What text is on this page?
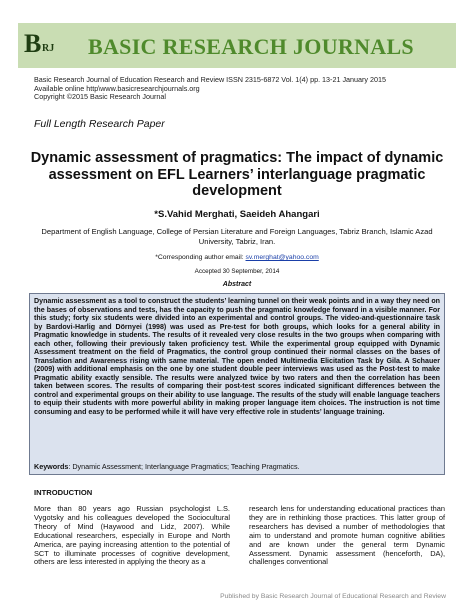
B RJ BASIC RESEARCH JOURNALS
Basic Research Journal of Education Research and Review ISSN 2315-6872 Vol. 1(4) pp. 13-21 January 2015
Available online http\www.basicresearchjournals.org
Copyright ©2015 Basic Research Journal
Full Length Research Paper
Dynamic assessment of pragmatics: The impact of dynamic assessment on EFL Learners’ interlanguage pragmatic development
*S.Vahid Merghati, Saeideh Ahangari
Department of English Language, College of Persian Literature and Foreign Languages, Tabriz Branch, Islamic Azad University, Tabriz, Iran.
*Corresponding author email: sv.merghat@yahoo.com
Accepted 30 September, 2014
Abstract
Dynamic assessment as a tool to construct the students’ learning tunnel on their weak points and in a way they need on the bases of observations and tests, has the capacity to push the pragmatic knowledge forward in a visible manner. For this study; forty six students were divided into an experimental and control groups. The video-and-questionnaire task by Bardovi-Harlig and Dörnyei (1998) was used as Pre-test for both groups, which looks for a general ability in Pragmatic knowledge in students. The results of it revealed very close results in the two groups when comparing with each other, following their previously taken proficiency test. While the experimental group equipped with Dynamic Assessment treatment on the field of Pragmatics, the control group continued their normal classes on the bases of Translation and Awareness rising with same material. The open ended Multimedia Elicitation Task by Gila. A Schauer (2009) with additional emphasis on the one by one student double peer interviews was used as the Post-test to make Pragmatic ability exactly sensible. The results were analyzed twice by two raters and then the correlation has been taken between scores. The results of comparing their post-test scores indicated significant differences between the control and experimental groups on their ability to use language. The results of the study will enable language teachers to equip their students with more powerful ability in making proper language item choices. The instruction is not time consuming and easy to be performed while it will have very effective role in students’ language training.
Keywords: Dynamic Assessment; Interlanguage Pragmatics; Teaching Pragmatics.
INTRODUCTION
More than 80 years ago Russian psychologist L.S. Vygotsky and his colleagues developed the Sociocultural Theory of Mind (Haywood and Lidz, 2007). While Educational researchers, especially in Europe and North America, are paying increasing attention to the potential of SCT to illuminate processes of cognitive development, others are less interested in applying the theory as a
research lens for understanding educational practices than they are in rethinking those practices. This latter group of researchers has devised a number of methodologies that aim to understand and promote human cognitive abilities and are known under the general term Dynamic Assessment. Dynamic assessment (henceforth, DA), challenges conventional
Published by Basic Research Journal of Educational Research and Review
